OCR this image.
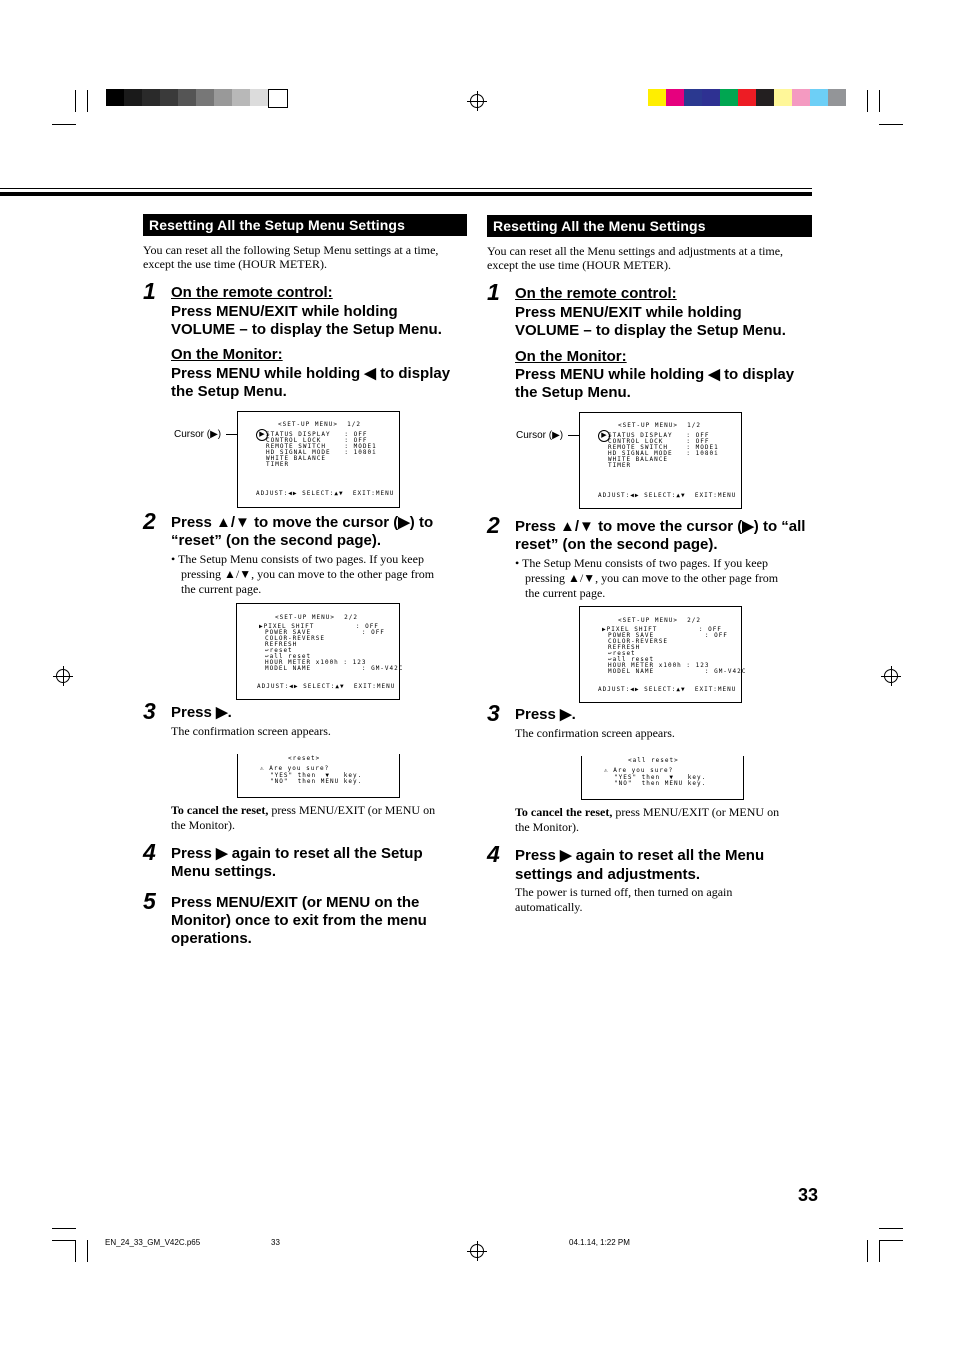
Resetting All the Setup Menu Settings
You can reset all the following Setup Menu settings at a time, except the use time (HOUR METER).
1 On the remote control:
Press MENU/EXIT while holding
VOLUME – to display the Setup Menu.
On the Monitor:
Press MENU while holding ◀ to display
the Setup Menu.
Cursor (▶)	▶
<SET-UP MENU>  1/2
STATUS DISPLAY   : OFF
CONTROL LOCK     : OFF
REMOTE SWITCH    : MODE1
HD SIGNAL MODE   : 1080i
WHITE BALANCE
TIMER
ADJUST:◀▶ SELECT:▲▼  EXIT:MENU
2 Press ▲/▼ to move the cursor (▶) to
“reset” (on the second page).
• The Setup Menu consists of two pages. If you keep
pressing ▲/▼, you can move to the other page from
the current page.
<SET-UP MENU>  2/2
▶PIXEL SHIFT         : OFF
POWER SAVE           : OFF
COLOR-REVERSE
REFRESH
↩reset
↩all reset
HOUR METER x100h : 123
MODEL NAME           : GM-V42C
ADJUST:◀▶ SELECT:▲▼  EXIT:MENU
3 Press ▶.
The confirmation screen appears.
<reset>
⚠ Are you sure?
"YES" then  ▼   key.
"NO"  then MENU key.
To cancel the reset, press MENU/EXIT (or MENU on
the Monitor).
4 Press ▶ again to reset all the Setup
Menu settings.
5 Press MENU/EXIT (or MENU on the
Monitor) once to exit from the menu
operations.
Resetting All the Menu Settings
You can reset all the Menu settings and adjustments at a time, except the use time (HOUR METER).
1 On the remote control:
Press MENU/EXIT while holding
VOLUME – to display the Setup Menu.
On the Monitor:
Press MENU while holding ◀ to display
the Setup Menu.
Cursor (▶)	▶
<SET-UP MENU>  1/2
STATUS DISPLAY   : OFF
CONTROL LOCK     : OFF
REMOTE SWITCH    : MODE1
HD SIGNAL MODE   : 1080i
WHITE BALANCE
TIMER
ADJUST:◀▶ SELECT:▲▼  EXIT:MENU
2 Press ▲/▼ to move the cursor (▶) to “all
reset” (on the second page).
• The Setup Menu consists of two pages. If you keep
pressing ▲/▼, you can move to the other page from
the current page.
<SET-UP MENU>  2/2
▶PIXEL SHIFT         : OFF
POWER SAVE           : OFF
COLOR-REVERSE
REFRESH
↩reset
↩all reset
HOUR METER x100h : 123
MODEL NAME           : GM-V42C
ADJUST:◀▶ SELECT:▲▼  EXIT:MENU
3 Press ▶.
The confirmation screen appears.
<all reset>
⚠ Are you sure?
"YES" then  ▼   key.
"NO"  then MENU key.
To cancel the reset, press MENU/EXIT (or MENU on
the Monitor).
4 Press ▶ again to reset all the Menu
settings and adjustments.
The power is turned off, then turned on again
automatically.
33
EN_24_33_GM_V42C.p65	33	04.1.14, 1:22 PM
